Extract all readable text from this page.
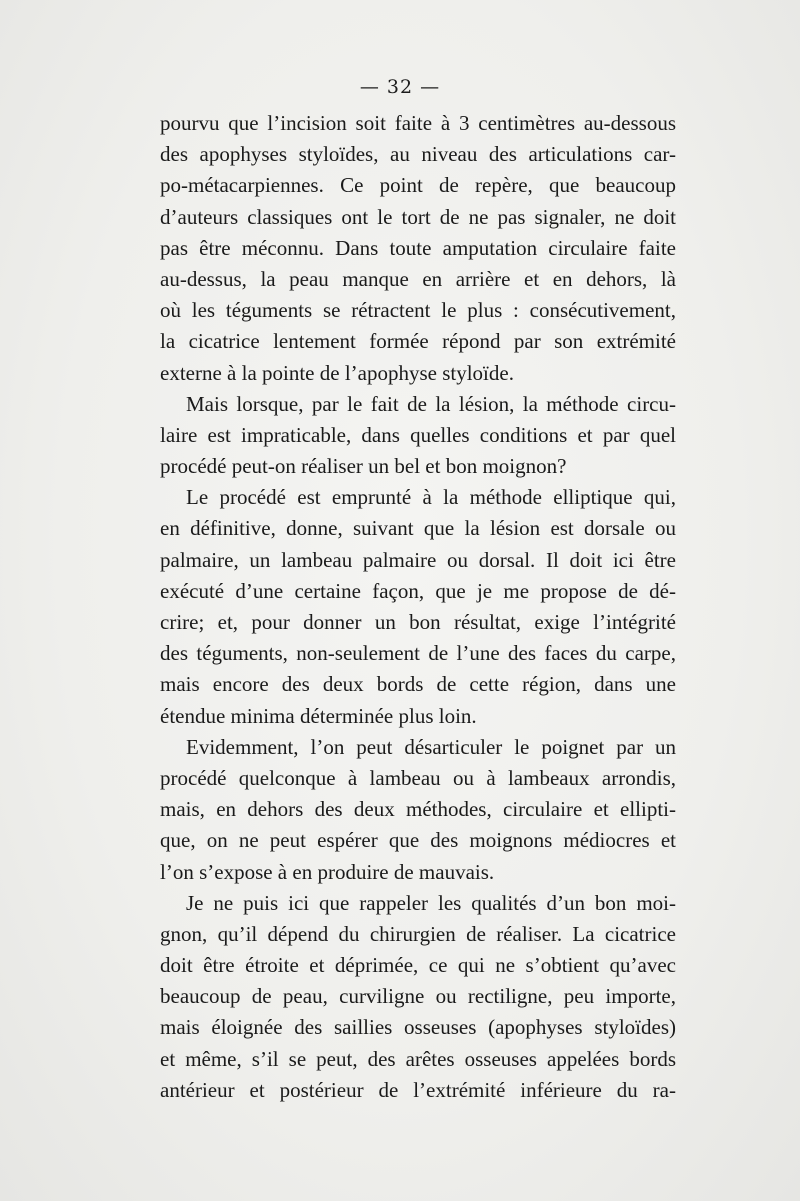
— 32 —
pourvu que l’incision soit faite à 3 centimètres au-dessous
des apophyses styloïdes, au niveau des articulations car-
po-métacarpiennes. Ce point de repère, que beaucoup
d’auteurs classiques ont le tort de ne pas signaler, ne doit
pas être méconnu. Dans toute amputation circulaire faite
au-dessus, la peau manque en arrière et en dehors, là
où les téguments se rétractent le plus : consécutivement,
la cicatrice lentement formée répond par son extrémité
externe à la pointe de l’apophyse styloïde.
Mais lorsque, par le fait de la lésion, la méthode circu-
laire est impraticable, dans quelles conditions et par quel
procédé peut-on réaliser un bel et bon moignon?
Le procédé est emprunté à la méthode elliptique qui,
en définitive, donne, suivant que la lésion est dorsale ou
palmaire, un lambeau palmaire ou dorsal. Il doit ici être
exécuté d’une certaine façon, que je me propose de dé-
crire; et, pour donner un bon résultat, exige l’intégrité
des téguments, non-seulement de l’une des faces du carpe,
mais encore des deux bords de cette région, dans une
étendue minima déterminée plus loin.
Evidemment, l’on peut désarticuler le poignet par un
procédé quelconque à lambeau ou à lambeaux arrondis,
mais, en dehors des deux méthodes, circulaire et ellipti-
que, on ne peut espérer que des moignons médiocres et
l’on s’expose à en produire de mauvais.
Je ne puis ici que rappeler les qualités d’un bon moi-
gnon, qu’il dépend du chirurgien de réaliser. La cicatrice
doit être étroite et déprimée, ce qui ne s’obtient qu’avec
beaucoup de peau, curviligne ou rectiligne, peu importe,
mais éloignée des saillies osseuses (apophyses styloïdes)
et même, s’il se peut, des arêtes osseuses appelées bords
antérieur et postérieur de l’extrémité inférieure du ra-
